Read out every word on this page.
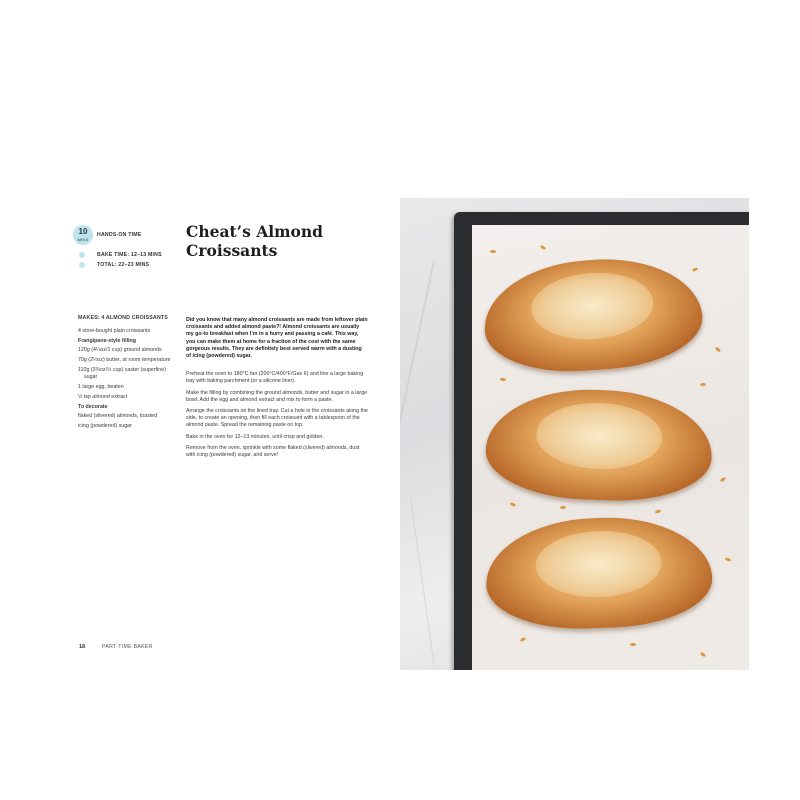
10
MINS
HANDS-ON TIME
BAKE TIME: 12–13 MINS
TOTAL: 22–23 MINS
Cheat’s Almond Croissants
MAKES: 4 ALMOND CROISSANTS
4 store-bought plain croissants
Frangipane-style filling
120g (4¼oz/1 cup) ground almonds
70g (2½oz) butter, at room temperature
110g (3¾oz/½ cup) caster (superfine) sugar
1 large egg, beaten
½ tsp almond extract
To decorate
flaked (slivered) almonds, toasted
icing (powdered) sugar

Did you know that many almond croissants are made from leftover plain croissants and added almond paste?! Almond croissants are usually my go-to breakfast when I’m in a hurry and passing a café. This way, you can make them at home for a fraction of the cost with the same gorgeous results. They are definitely best served warm with a dusting of icing (powdered) sugar.

Preheat the oven to 180°C fan (200°C/400°F/Gas 6) and line a large baking tray with baking parchment (or a silicone liner).

Make the filling by combining the ground almonds, butter and sugar in a large bowl. Add the egg and almond extract and mix to form a paste.

Arrange the croissants on the lined tray. Cut a hole in the croissants along the side, to create an opening, then fill each croissant with a tablespoon of the almond paste. Spread the remaining paste on top.

Bake in the oven for 12–13 minutes, until crisp and golden.

Remove from the oven, sprinkle with some flaked (slivered) almonds, dust with icing (powdered) sugar, and serve!

18	PART-TIME BAKER
